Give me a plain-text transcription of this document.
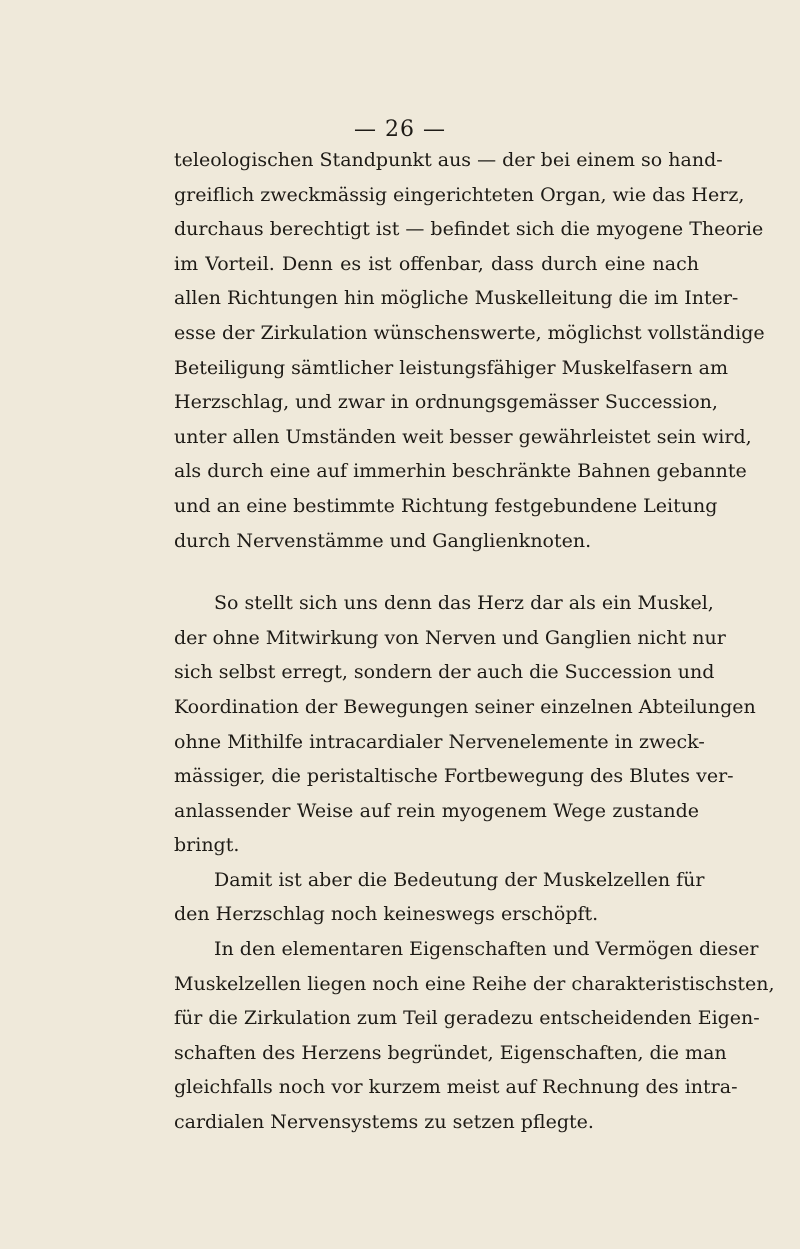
— 26 —
teleologischen Standpunkt aus — der bei einem so hand-
greiflich zweckmässig eingerichteten Organ, wie das Herz,
durchaus berechtigt ist — befindet sich die myogene Theorie
im Vorteil. Denn es ist offenbar, dass durch eine nach
allen Richtungen hin mögliche Muskelleitung die im Inter-
esse der Zirkulation wünschenswerte, möglichst vollständige
Beteiligung sämtlicher leistungsfähiger Muskelfasern am
Herzschlag, und zwar in ordnungsgemässer Succession,
unter allen Umständen weit besser gewährleistet sein wird,
als durch eine auf immerhin beschränkte Bahnen gebannte
und an eine bestimmte Richtung festgebundene Leitung
durch Nervenstämme und Ganglienknoten.
So stellt sich uns denn das Herz dar als ein Muskel,
der ohne Mitwirkung von Nerven und Ganglien nicht nur
sich selbst erregt, sondern der auch die Succession und
Koordination der Bewegungen seiner einzelnen Abteilungen
ohne Mithilfe intracardialer Nervenelemente in zweck-
mässiger, die peristaltische Fortbewegung des Blutes ver-
anlassender Weise auf rein myogenem Wege zustande
bringt.
Damit ist aber die Bedeutung der Muskelzellen für
den Herzschlag noch keineswegs erschöpft.
In den elementaren Eigenschaften und Vermögen dieser
Muskelzellen liegen noch eine Reihe der charakteristischsten,
für die Zirkulation zum Teil geradezu entscheidenden Eigen-
schaften des Herzens begründet, Eigenschaften, die man
gleichfalls noch vor kurzem meist auf Rechnung des intra-
cardialen Nervensystems zu setzen pflegte.
